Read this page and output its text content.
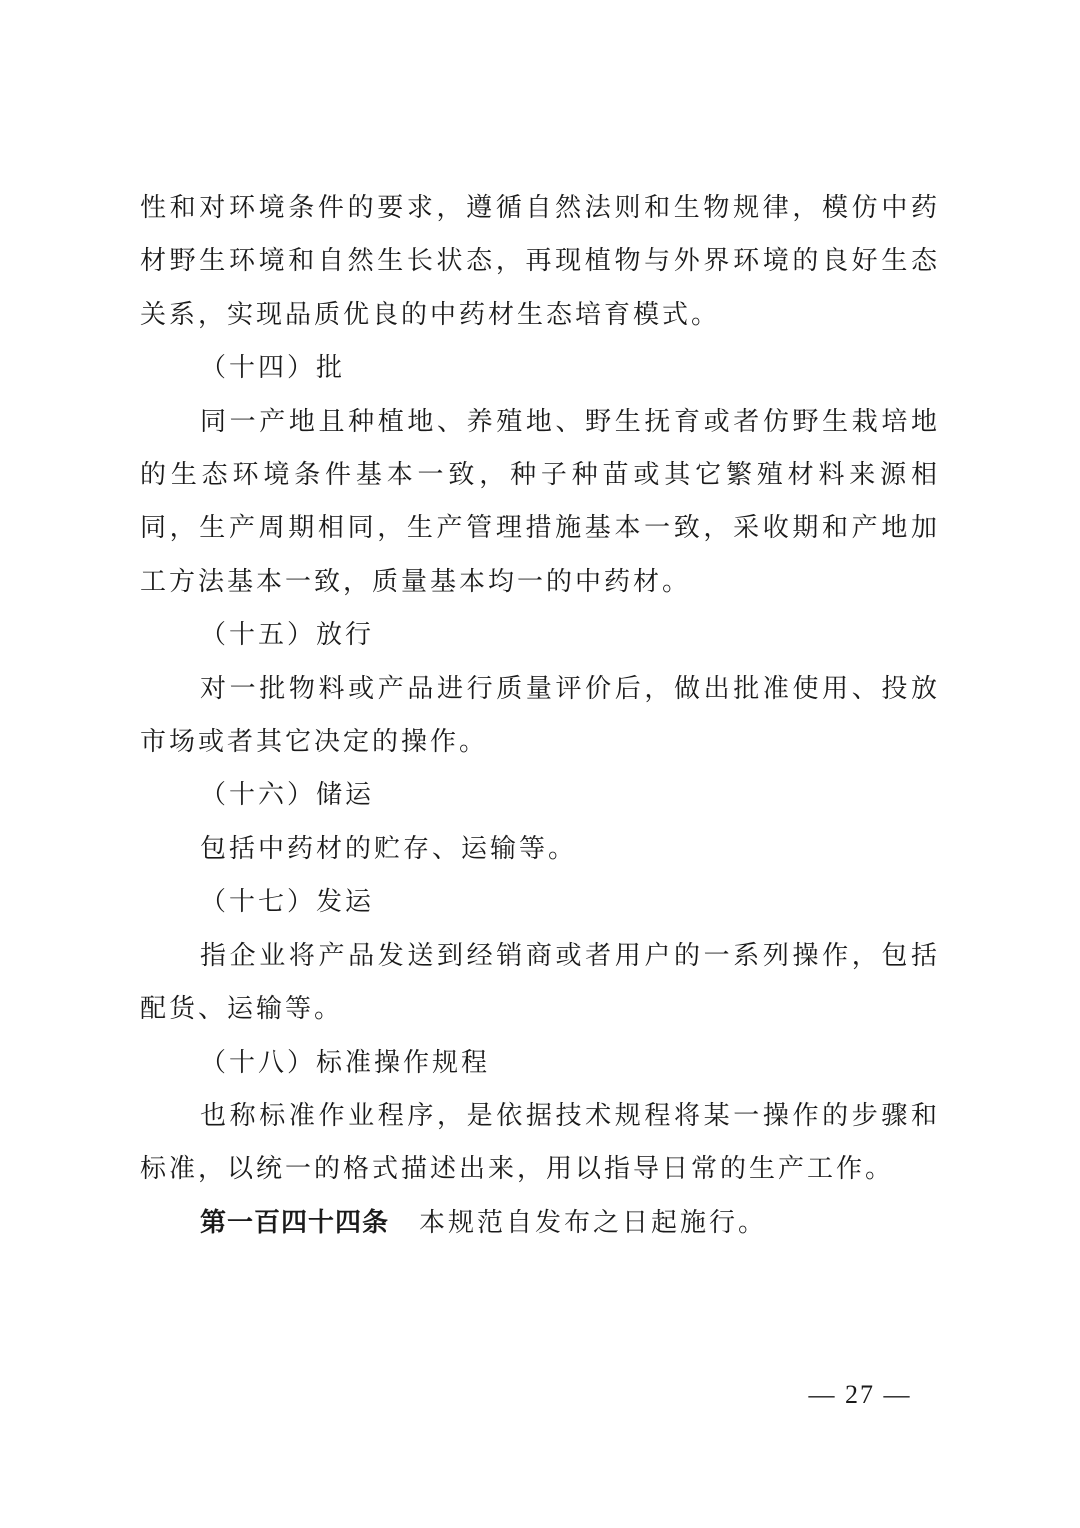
性和对环境条件的要求，遵循自然法则和生物规律，模仿中药材野生环境和自然生长状态，再现植物与外界环境的良好生态关系，实现品质优良的中药材生态培育模式。

（十四）批

同一产地且种植地、养殖地、野生抚育或者仿野生栽培地的生态环境条件基本一致，种子种苗或其它繁殖材料来源相同，生产周期相同，生产管理措施基本一致，采收期和产地加工方法基本一致，质量基本均一的中药材。

（十五）放行

对一批物料或产品进行质量评价后，做出批准使用、投放市场或者其它决定的操作。

（十六）储运

包括中药材的贮存、运输等。

（十七）发运

指企业将产品发送到经销商或者用户的一系列操作，包括配货、运输等。

（十八）标准操作规程

也称标准作业程序，是依据技术规程将某一操作的步骤和标准，以统一的格式描述出来，用以指导日常的生产工作。

第一百四十四条 本规范自发布之日起施行。

— 27 —
